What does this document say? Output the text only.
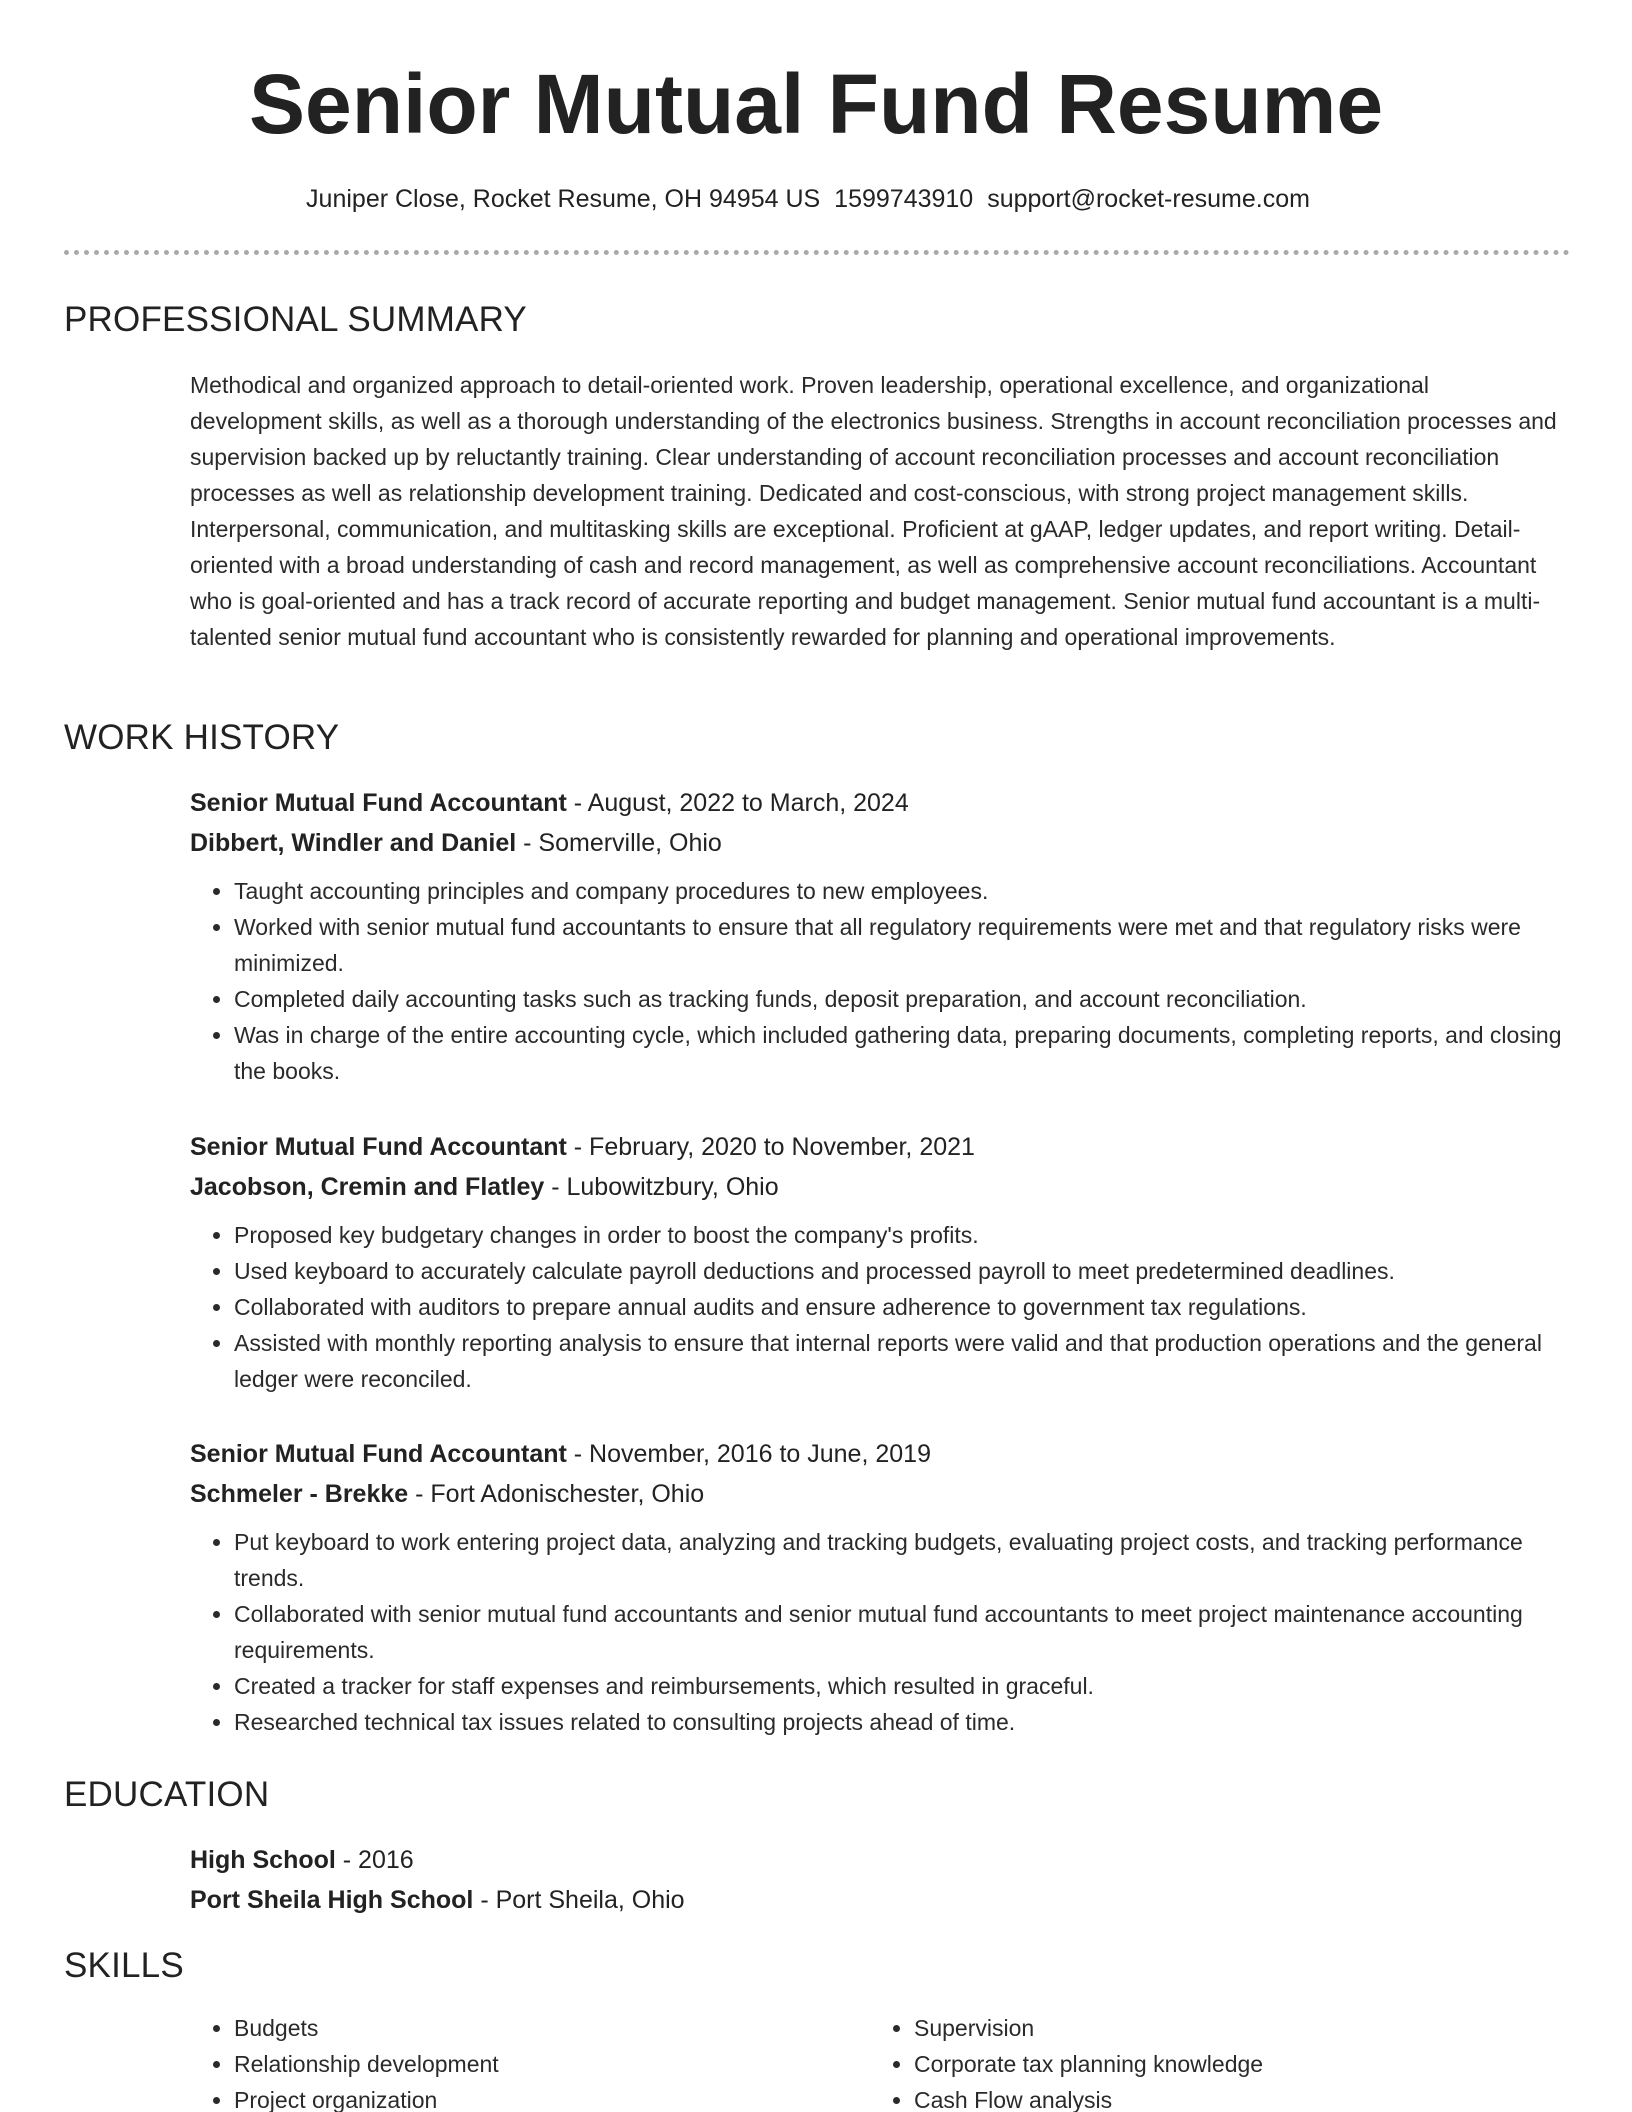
Senior Mutual Fund Resume
Juniper Close, Rocket Resume, OH 94954 US 1599743910 support@rocket-resume.com
PROFESSIONAL SUMMARY

Methodical and organized approach to detail-oriented work. Proven leadership, operational excellence, and organizational development skills, as well as a thorough understanding of the electronics business. Strengths in account reconciliation processes and supervision backed up by reluctantly training. Clear understanding of account reconciliation processes and account reconciliation processes as well as relationship development training. Dedicated and cost-conscious, with strong project management skills. Interpersonal, communication, and multitasking skills are exceptional. Proficient at gAAP, ledger updates, and report writing. Detail-oriented with a broad understanding of cash and record management, as well as comprehensive account reconciliations. Accountant who is goal-oriented and has a track record of accurate reporting and budget management. Senior mutual fund accountant is a multi-talented senior mutual fund accountant who is consistently rewarded for planning and operational improvements.

WORK HISTORY

Senior Mutual Fund Accountant - August, 2022 to March, 2024

Dibbert, Windler and Daniel - Somerville, Ohio

• Taught accounting principles and company procedures to new employees.
• Worked with senior mutual fund accountants to ensure that all regulatory requirements were met and that regulatory risks were minimized.
• Completed daily accounting tasks such as tracking funds, deposit preparation, and account reconciliation.
• Was in charge of the entire accounting cycle, which included gathering data, preparing documents, completing reports, and closing the books.

Senior Mutual Fund Accountant - February, 2020 to November, 2021

Jacobson, Cremin and Flatley - Lubowitzbury, Ohio

• Proposed key budgetary changes in order to boost the company's profits.
• Used keyboard to accurately calculate payroll deductions and processed payroll to meet predetermined deadlines.
• Collaborated with auditors to prepare annual audits and ensure adherence to government tax regulations.
• Assisted with monthly reporting analysis to ensure that internal reports were valid and that production operations and the general ledger were reconciled.

Senior Mutual Fund Accountant - November, 2016 to June, 2019

Schmeler - Brekke - Fort Adonischester, Ohio

• Put keyboard to work entering project data, analyzing and tracking budgets, evaluating project costs, and tracking performance trends.
• Collaborated with senior mutual fund accountants and senior mutual fund accountants to meet project maintenance accounting requirements.
• Created a tracker for staff expenses and reimbursements, which resulted in graceful.
• Researched technical tax issues related to consulting projects ahead of time.
EDUCATION

High School - 2016

Port Sheila High School - Port Sheila, Ohio

SKILLS
• Budgets
• Relationship development
• Project organization
• Supervision
• Corporate tax planning knowledge
• Cash Flow analysis
